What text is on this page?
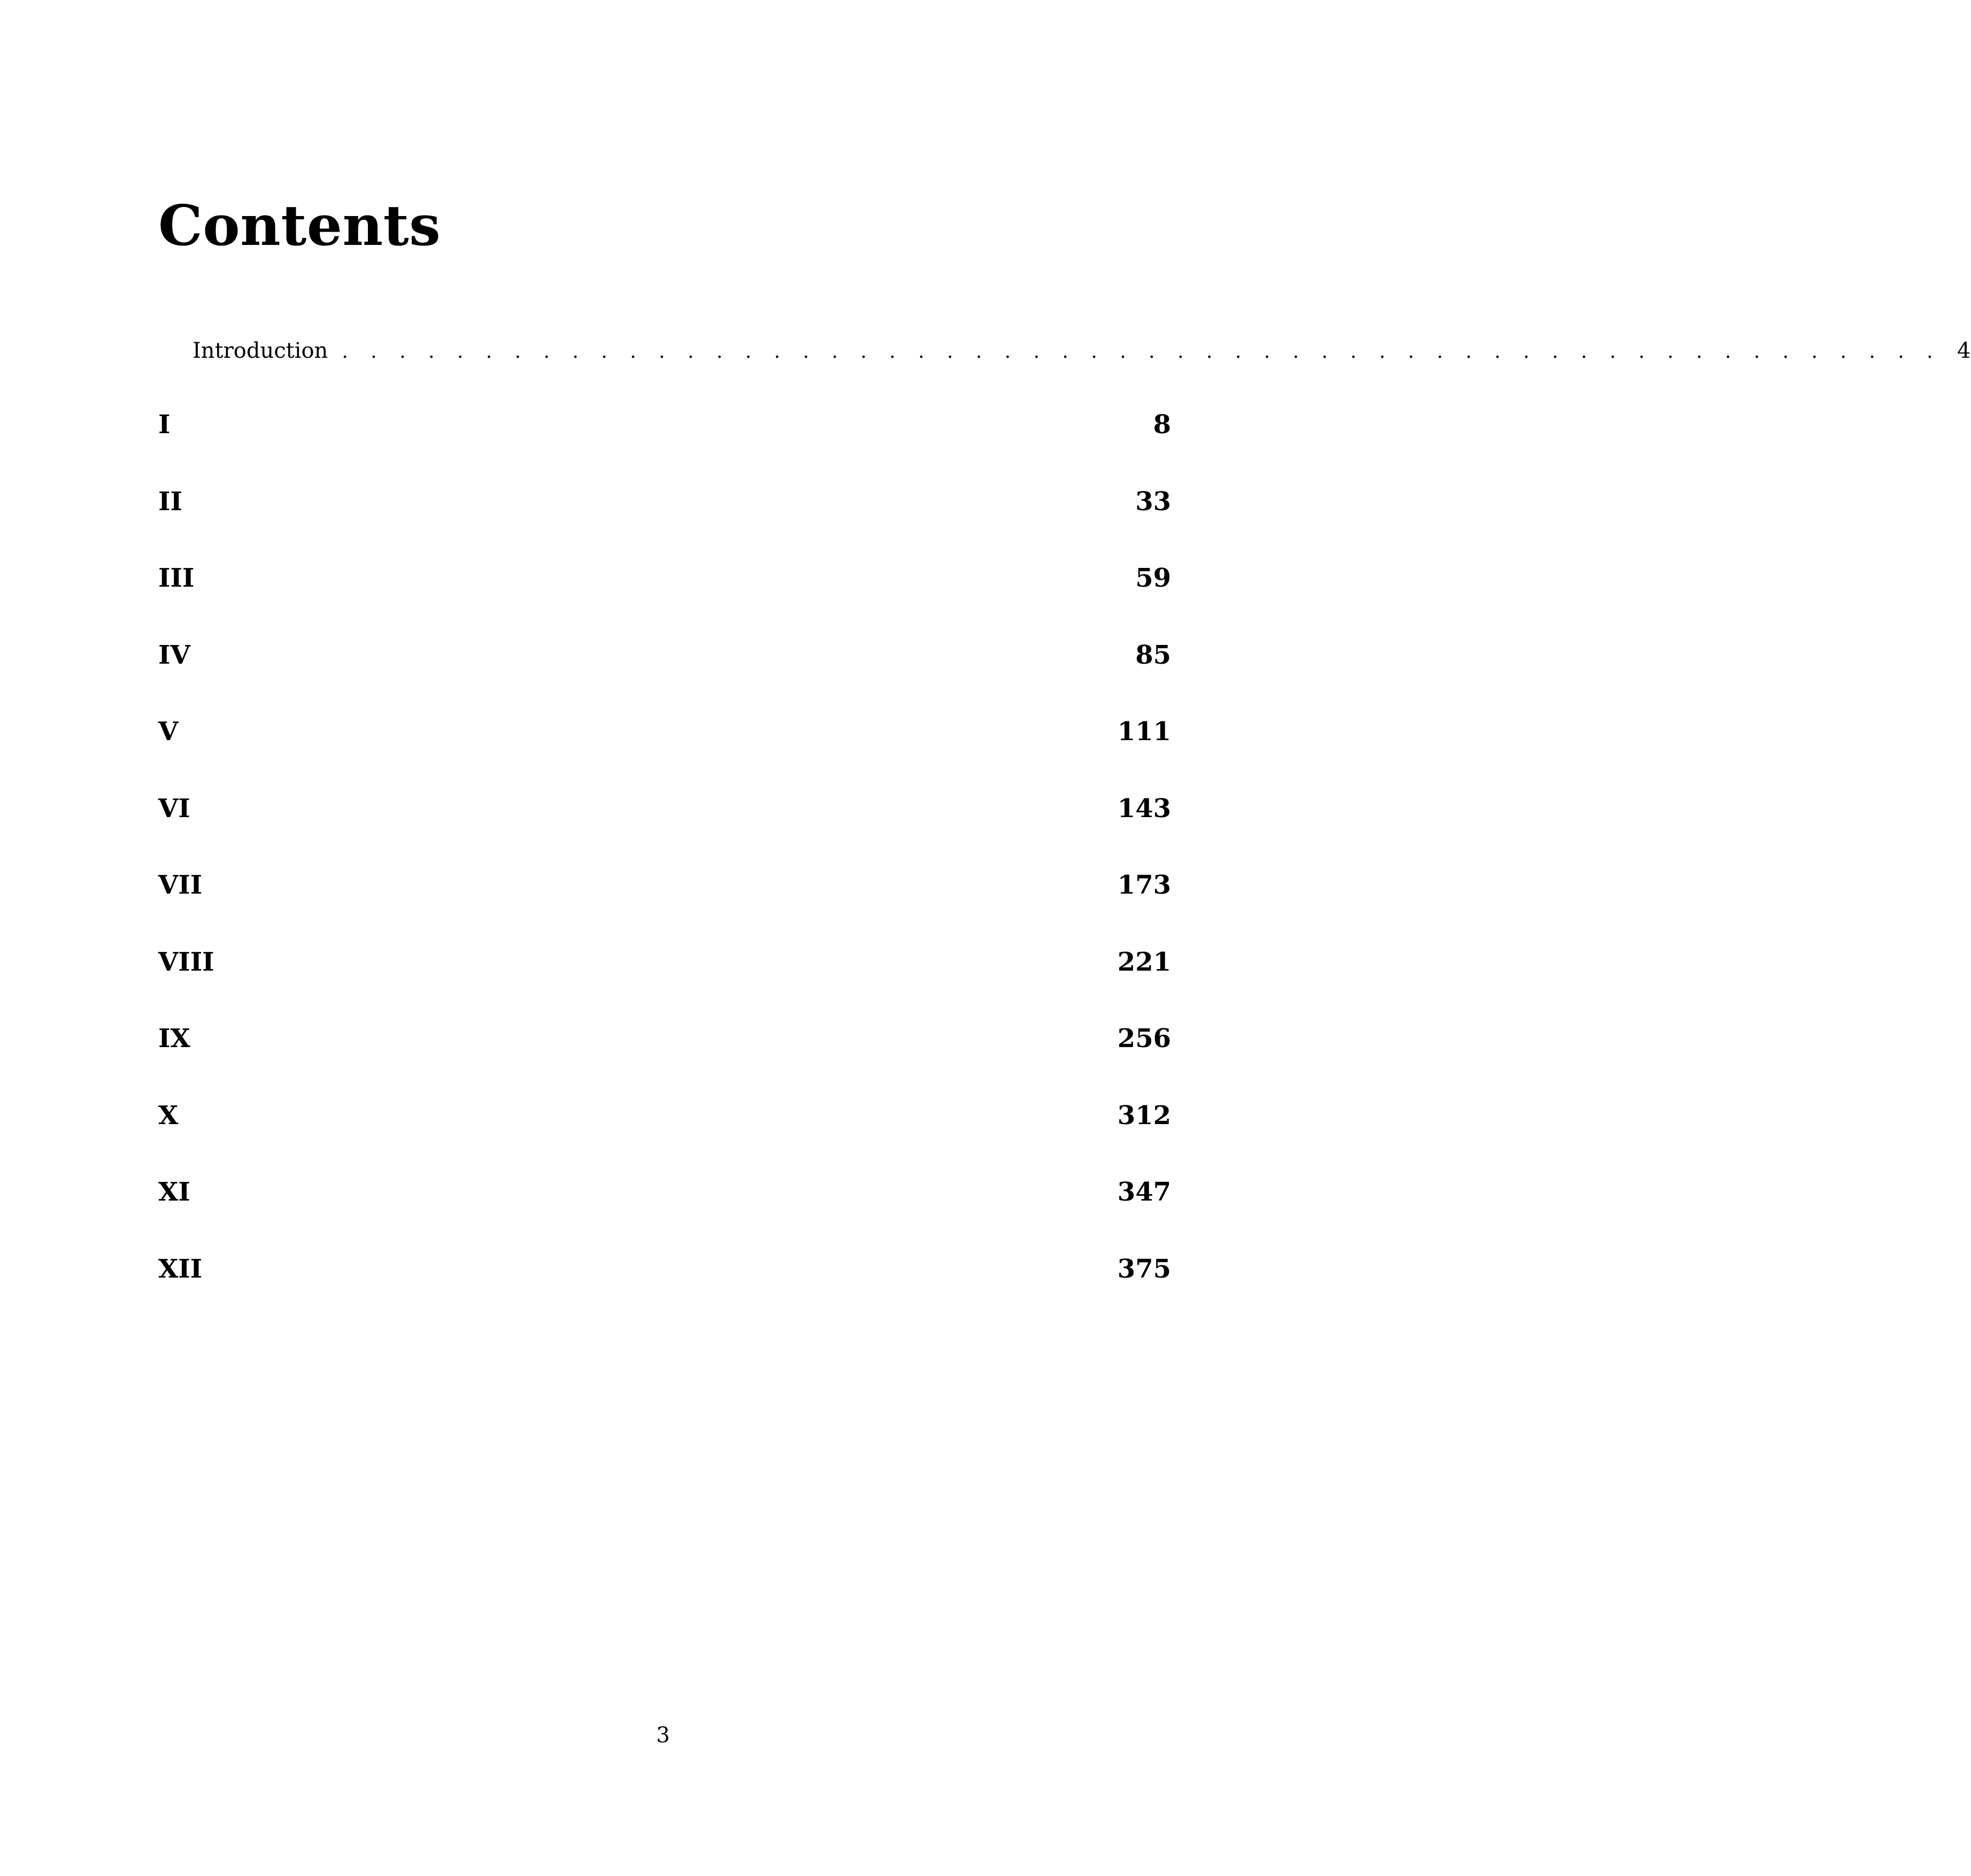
Contents
Introduction . . . . . . . . . . . . . . . . . . . . . . . . . . . . . . . . . . . . . . . . . . . . . . . . . . . . . . . . 4
I	8
II	33
III	59
IV	85
V	111
VI	143
VII	173
VIII	221
IX	256
X	312
XI	347
XII	375
3
